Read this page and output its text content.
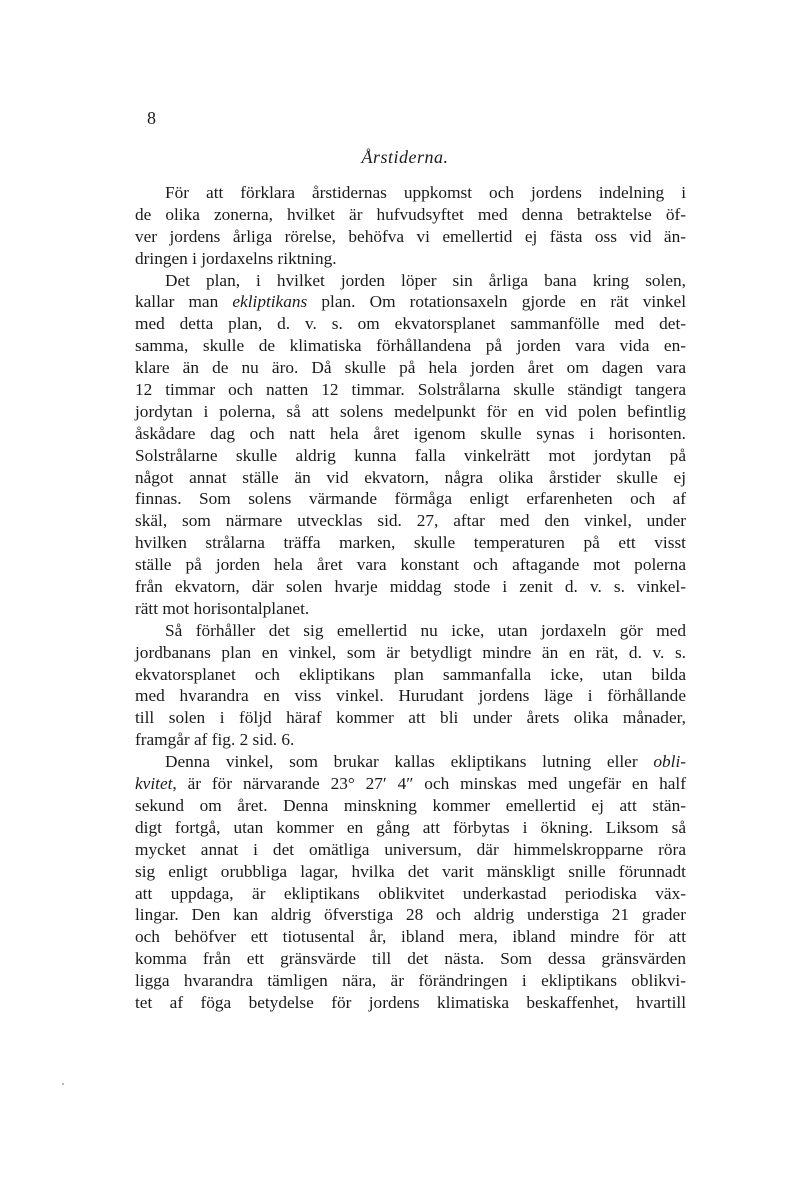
8
Årstiderna.
För att förklara årstidernas uppkomst och jordens indelning i
de olika zonerna, hvilket är hufvudsyftet med denna betraktelse öf-
ver jordens årliga rörelse, behöfva vi emellertid ej fästa oss vid än-
dringen i jordaxelns riktning.
Det plan, i hvilket jorden löper sin årliga bana kring solen,
kallar man ekliptikans plan. Om rotationsaxeln gjorde en rät vinkel
med detta plan, d. v. s. om ekvatorsplanet sammanfölle med det-
samma, skulle de klimatiska förhållandena på jorden vara vida en-
klare än de nu äro. Då skulle på hela jorden året om dagen vara
12 timmar och natten 12 timmar. Solstrålarna skulle ständigt tangera
jordytan i polerna, så att solens medelpunkt för en vid polen befintlig
åskådare dag och natt hela året igenom skulle synas i horisonten.
Solstrålarne skulle aldrig kunna falla vinkelrätt mot jordytan på
något annat ställe än vid ekvatorn, några olika årstider skulle ej
finnas. Som solens värmande förmåga enligt erfarenheten och af
skäl, som närmare utvecklas sid. 27, aftar med den vinkel, under
hvilken strålarna träffa marken, skulle temperaturen på ett visst
ställe på jorden hela året vara konstant och aftagande mot polerna
från ekvatorn, där solen hvarje middag stode i zenit d. v. s. vinkel-
rätt mot horisontalplanet.
Så förhåller det sig emellertid nu icke, utan jordaxeln gör med
jordbanans plan en vinkel, som är betydligt mindre än en rät, d. v. s.
ekvatorsplanet och ekliptikans plan sammanfalla icke, utan bilda
med hvarandra en viss vinkel. Hurudant jordens läge i förhållande
till solen i följd häraf kommer att bli under årets olika månader,
framgår af fig. 2 sid. 6.
Denna vinkel, som brukar kallas ekliptikans lutning eller obli-
kvitet, är för närvarande 23° 27′ 4″ och minskas med ungefär en half
sekund om året. Denna minskning kommer emellertid ej att stän-
digt fortgå, utan kommer en gång att förbytas i ökning. Liksom så
mycket annat i det omätliga universum, där himmelskropparne röra
sig enligt orubbliga lagar, hvilka det varit mänskligt snille förunnadt
att uppdaga, är ekliptikans oblikvitet underkastad periodiska väx-
lingar. Den kan aldrig öfverstiga 28 och aldrig understiga 21 grader
och behöfver ett tiotusental år, ibland mera, ibland mindre för att
komma från ett gränsvärde till det nästa. Som dessa gränsvärden
ligga hvarandra tämligen nära, är förändringen i ekliptikans oblikvi-
tet af föga betydelse för jordens klimatiska beskaffenhet, hvartill
